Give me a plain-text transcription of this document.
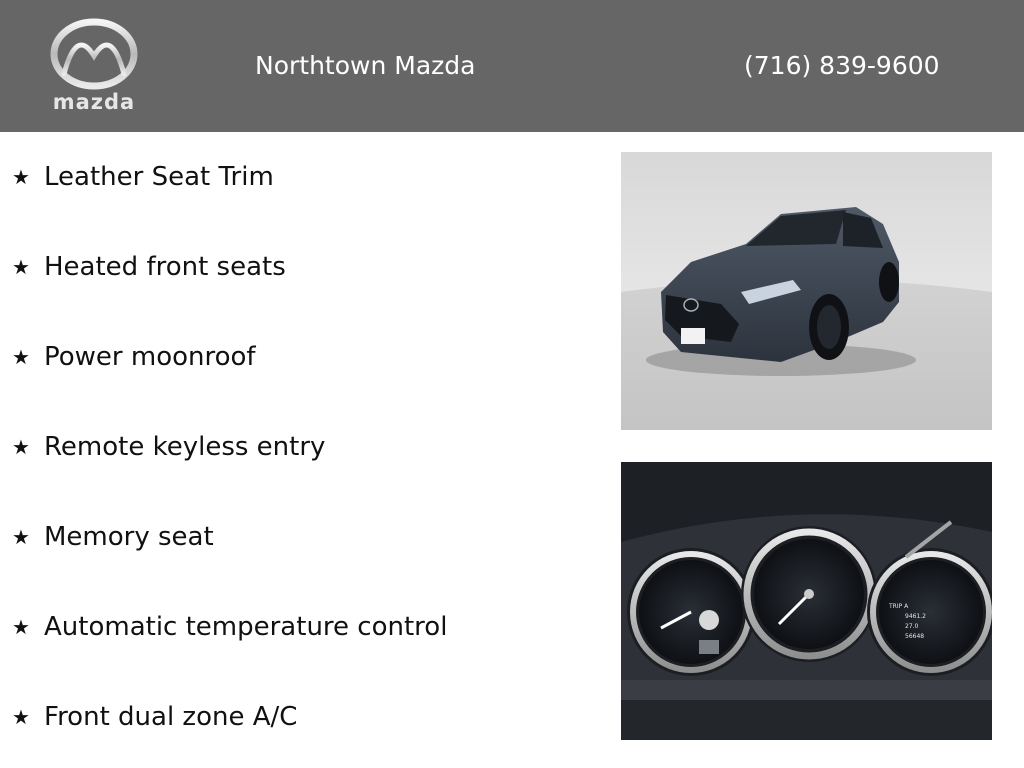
mazda
Northtown Mazda	(716) 839-9600
★ Leather Seat Trim
★ Heated front seats
★ Power moonroof
★ Remote keyless entry
★ Memory seat
★ Automatic temperature control
★ Front dual zone A/C
TRIP A
9461.2
27.0
56648
